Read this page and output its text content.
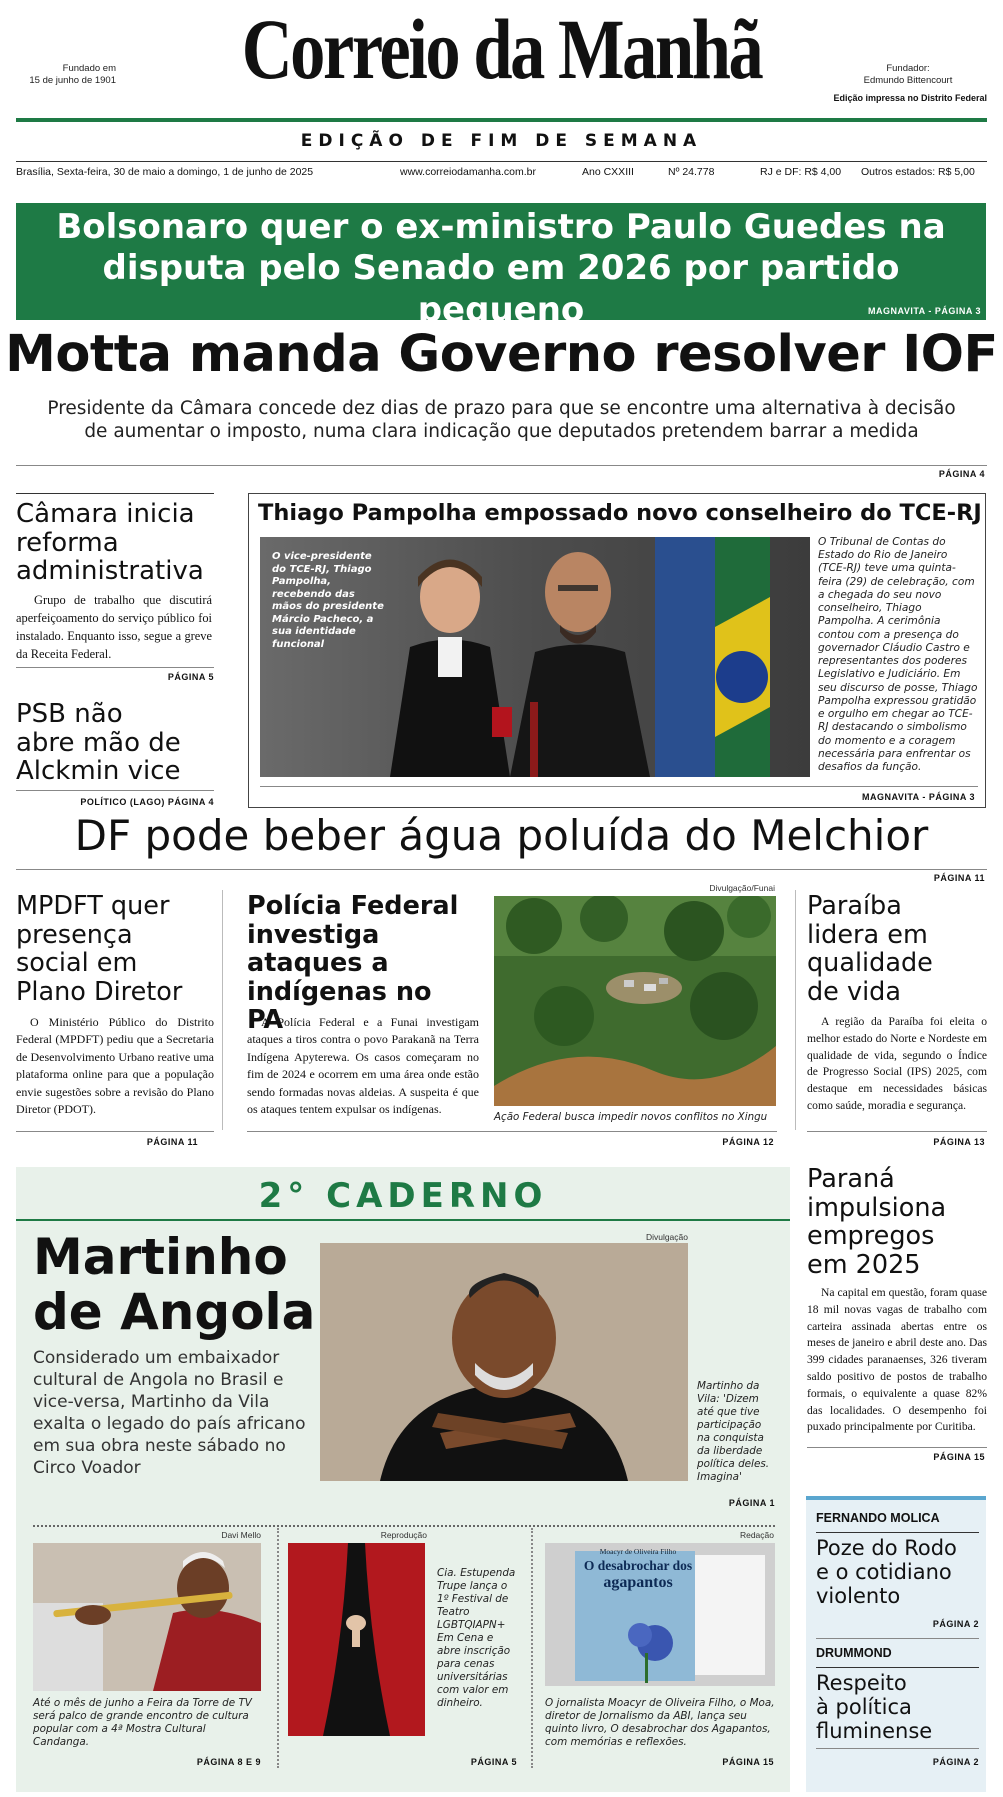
Fundado em
15 de junho de 1901	Correio da Manhã	Fundador:
Edmundo Bittencourt
Edição impressa no Distrito Federal
EDIÇÃO DE FIM DE SEMANA
Brasília, Sexta-feira, 30 de maio a domingo, 1 de junho de 2025	www.correiodamanha.com.br	Ano CXXIII	Nº 24.778	RJ e DF: R$ 4,00	Outros estados: R$ 5,00
Bolsonaro quer o ex-ministro Paulo Guedes na
disputa pelo Senado em 2026 por partido pequeno	MAGNAVITA - PÁGINA 3
Motta manda Governo resolver IOF
Presidente da Câmara concede dez dias de prazo para que se encontre uma alternativa à decisão
de aumentar o imposto, numa clara indicação que deputados pretendem barrar a medida
PÁGINA 4
Câmara inicia
reforma
administrativa
Grupo de trabalho que discutirá aperfeiçoamento do serviço público foi instalado. Enquanto isso, segue a greve da Receita Federal.
PÁGINA 5
PSB não
abre mão de
Alckmin vice
POLÍTICO (LAGO) PÁGINA 4
Thiago Pampolha empossado novo conselheiro do TCE-RJ
O vice-presidente do TCE-RJ, Thiago Pampolha, recebendo das mãos do presidente Márcio Pacheco, a sua identidade funcional
O Tribunal de Contas do Estado do Rio de Janeiro (TCE-RJ) teve uma quinta-feira (29) de celebração, com a chegada do seu novo conselheiro, Thiago Pampolha. A cerimônia contou com a presença do governador Cláudio Castro e representantes dos poderes Legislativo e Judiciário. Em seu discurso de posse, Thiago Pampolha expressou gratidão e orgulho em chegar ao TCE-RJ destacando o simbolismo do momento e a coragem necessária para enfrentar os desafios da função.
MAGNAVITA - PÁGINA 3
DF pode beber água poluída do Melchior
PÁGINA 11
MPDFT quer
presença
social em
Plano Diretor
O Ministério Público do Distrito Federal (MPDFT) pediu que a Secretaria de Desenvolvimento Urbano reative uma plataforma online para que a população envie sugestões sobre a revisão do Plano Diretor (PDOT).
PÁGINA 11
Polícia Federal
investiga
ataques a
indígenas no PA
A Polícia Federal e a Funai investigam ataques a tiros contra o povo Parakanã na Terra Indígena Apyterewa. Os casos começaram no fim de 2024 e ocorrem em uma área onde estão sendo formadas novas aldeias. A suspeita é que os ataques tentem expulsar os indígenas.
Divulgação/Funai
Ação Federal busca impedir novos conflitos no Xingu
PÁGINA 12
Paraíba
lidera em
qualidade
de vida
A região da Paraíba foi eleita o melhor estado do Norte e Nordeste em qualidade de vida, segundo o Índice de Progresso Social (IPS) 2025, com destaque em necessidades básicas como saúde, moradia e segurança.
PÁGINA 13
2° CADERNO
Martinho
de Angola
Considerado um embaixador cultural de Angola no Brasil e vice-versa, Martinho da Vila exalta o legado do país africano em sua obra neste sábado no Circo Voador
Divulgação
Martinho da Vila: 'Dizem até que tive participação na conquista da liberdade política deles. Imagina'
PÁGINA 1
Davi Mello
Até o mês de junho a Feira da Torre de TV será palco de grande encontro de cultura popular com a 4ª Mostra Cultural Candanga.
PÁGINA 8 E 9
Reprodução
Cia. Estupenda Trupe lança o 1º Festival de Teatro LGBTQIAPN+ Em Cena e abre inscrição para cenas universitárias com valor em dinheiro.
PÁGINA 5
Redação
Moacyr de Oliveira Filho
O desabrochar dos
agapantos
O jornalista Moacyr de Oliveira Filho, o Moa, diretor de Jornalismo da ABI, lança seu quinto livro, O desabrochar dos Agapantos, com memórias e reflexões.
PÁGINA 15
Paraná
impulsiona
empregos
em 2025
Na capital em questão, foram quase 18 mil novas vagas de trabalho com carteira assinada abertas entre os meses de janeiro e abril deste ano. Das 399 cidades paranaenses, 326 tiveram saldo positivo de postos de trabalho formais, o equivalente a quase 82% das localidades. O desempenho foi puxado principalmente por Curitiba.
PÁGINA 15
FERNANDO MOLICA
Poze do Rodo
e o cotidiano
violento
PÁGINA 2
DRUMMOND
Respeito
à política
fluminense
PÁGINA 2
